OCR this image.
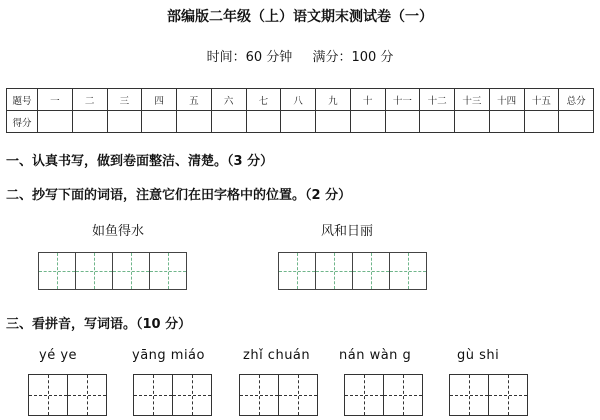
部编版二年级（上）语文期末测试卷（一）
时间：60 分钟 满分：100 分
题号	一	二	三	四	五	六	七	八	九	十	十一	十二	十三	十四	十五	总分
得分																
一、认真书写，做到卷面整洁、清楚。（3 分）
二、抄写下面的词语，注意它们在田字格中的位置。（2 分）
如鱼得水	风和日丽
三、看拼音，写词语。（10 分）
yé ye	yāng miáo	zhǐ chuán nán wàn g	gù shi
